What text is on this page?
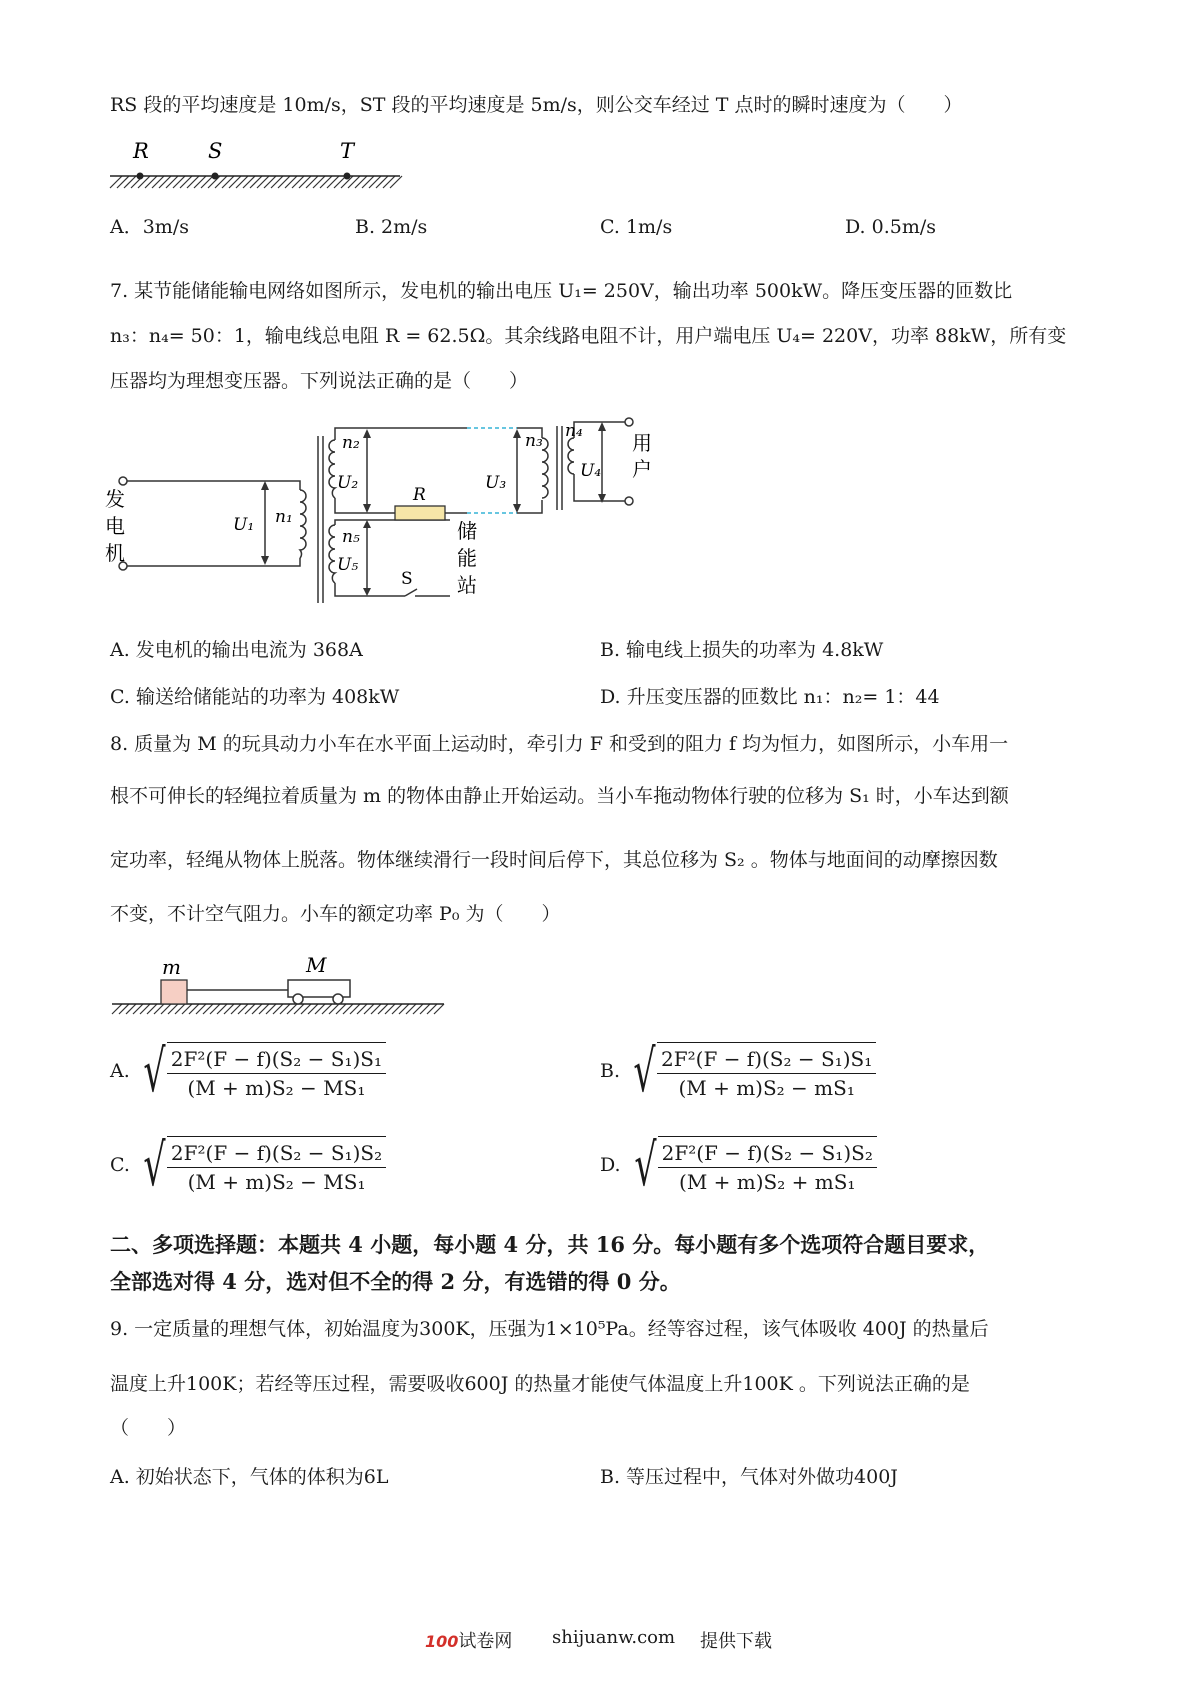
RS 段的平均速度是 10m/s，ST 段的平均速度是 5m/s，则公交车经过 T 点时的瞬时速度为（　　）
R	S	T
A．3m/s	B. 2m/s	C. 1m/s	D. 0.5m/s
7. 某节能储能输电网络如图所示，发电机的输出电压 U₁= 250V，输出功率 500kW。降压变压器的匝数比
n₃：n₄= 50：1，输电线总电阻 R = 62.5Ω。其余线路电阻不计，用户端电压 U₄= 220V，功率 88kW，所有变
压器均为理想变压器。下列说法正确的是（　　）
发
电
机
U₁ n₁
n₂
U₂
R
U₃
n₃ n₄
U₄
用
户
n₅
U₅
S
储
能
站
A. 发电机的输出电流为 368A	B. 输电线上损失的功率为 4.8kW
C. 输送给储能站的功率为 408kW	D. 升压变压器的匝数比 n₁：n₂= 1：44
8. 质量为 M 的玩具动力小车在水平面上运动时，牵引力 F 和受到的阻力 f 均为恒力，如图所示，小车用一
根不可伸长的轻绳拉着质量为 m 的物体由静止开始运动。当小车拖动物体行驶的位移为 S₁ 时，小车达到额
定功率，轻绳从物体上脱落。物体继续滑行一段时间后停下，其总位移为 S₂ 。物体与地面间的动摩擦因数
不变，不计空气阻力。小车的额定功率 P₀ 为（　　）
m	M
A. √ $\frac{\text{2F²(F − f)(S₂ − S₁)S₁}}{\text{(M + m)S₂ − MS₁}}$	B. √ $\frac{\text{2F²(F − f)(S₂ − S₁)S₁}}{\text{(M + m)S₂ − mS₁}}$
C. √ $\frac{\text{2F²(F − f)(S₂ − S₁)S₂}}{\text{(M + m)S₂ − MS₁}}$	D. √ $\frac{\text{2F²(F − f)(S₂ − S₁)S₂}}{\text{(M + m)S₂ + mS₁}}$
二、多项选择题：本题共 4 小题，每小题 4 分，共 16 分。每小题有多个选项符合题目要求，
全部选对得 4 分，选对但不全的得 2 分，有选错的得 0 分。
9. 一定质量的理想气体，初始温度为300K，压强为1×10⁵Pa。经等容过程，该气体吸收 400J 的热量后
温度上升100K；若经等压过程，需要吸收600J 的热量才能使气体温度上升100K 。下列说法正确的是
（　　）
A. 初始状态下，气体的体积为6L	B. 等压过程中，气体对外做功400J
100试卷网 shijuanw.com 提供下载
